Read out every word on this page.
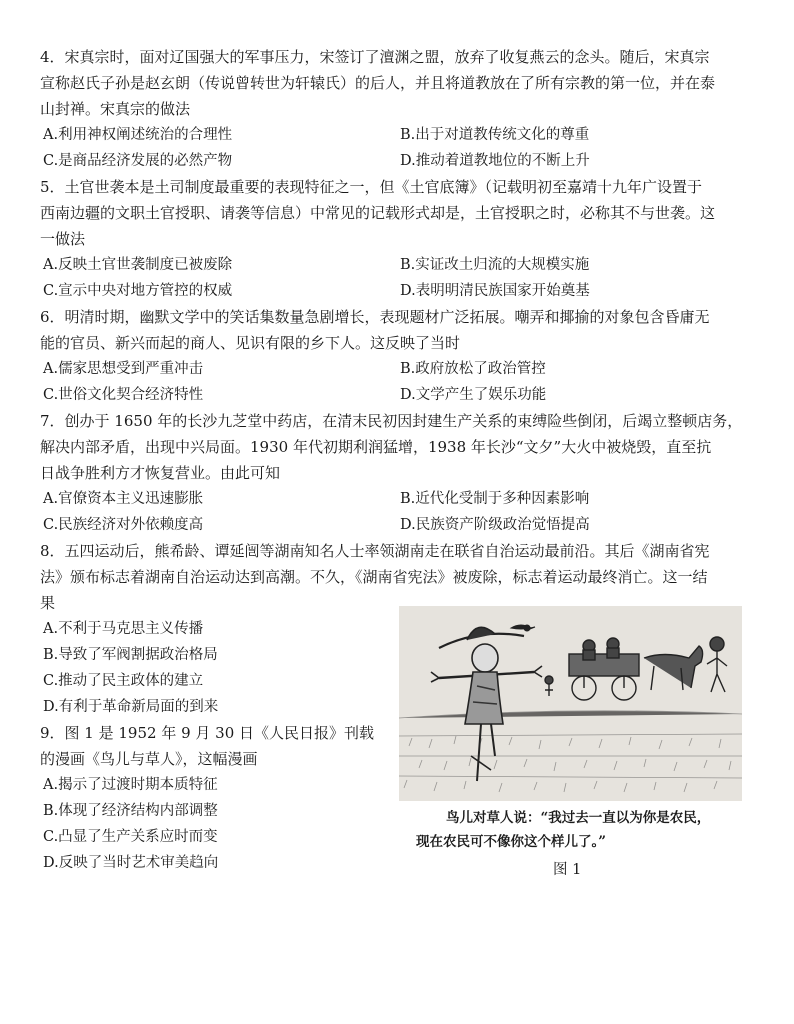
4．宋真宗时，面对辽国强大的军事压力，宋签订了澶渊之盟，放弃了收复燕云的念头。随后，宋真宗
宣称赵氏子孙是赵玄朗（传说曾转世为轩辕氏）的后人，并且将道教放在了所有宗教的第一位，并在泰
山封禅。宋真宗的做法
A.利用神权阐述统治的合理性	B.出于对道教传统文化的尊重
C.是商品经济发展的必然产物	D.推动着道教地位的不断上升
5．土官世袭本是土司制度最重要的表现特征之一，但《土官底簿》（记载明初至嘉靖十九年广设置于
西南边疆的文职土官授职、请袭等信息）中常见的记载形式却是，土官授职之时，必称其不与世袭。这
一做法
A.反映土官世袭制度已被废除	B.实证改土归流的大规模实施
C.宣示中央对地方管控的权威	D.表明明清民族国家开始奠基
6．明清时期，幽默文学中的笑话集数量急剧增长，表现题材广泛拓展。嘲弄和揶揄的对象包含昏庸无
能的官员、新兴而起的商人、见识有限的乡下人。这反映了当时
A.儒家思想受到严重冲击	B.政府放松了政治管控
C.世俗文化契合经济特性	D.文学产生了娱乐功能
7．创办于 1650 年的长沙九芝堂中药店，在清末民初因封建生产关系的束缚险些倒闭，后竭立整顿店务，
解决内部矛盾，出现中兴局面。1930 年代初期利润猛增，1938 年长沙“文夕”大火中被烧毁，直至抗
日战争胜利方才恢复营业。由此可知
A.官僚资本主义迅速膨胀	B.近代化受制于多种因素影响
C.民族经济对外依赖度高	D.民族资产阶级政治觉悟提高
8．五四运动后，熊希龄、谭延闿等湖南知名人士率领湖南走在联省自治运动最前沿。其后《湖南省宪
法》颁布标志着湖南自治运动达到高潮。不久，《湖南省宪法》被废除，标志着运动最终消亡。这一结
果
A.不利于马克思主义传播
B.导致了军阀割据政治格局
C.推动了民主政体的建立
D.有利于革命新局面的到来
9．图 1 是 1952 年 9 月 30 日《人民日报》刊载
的漫画《鸟儿与草人》，这幅漫画
A.揭示了过渡时期本质特征
B.体现了经济结构内部调整
C.凸显了生产关系应时而变
D.反映了当时艺术审美趋向
鸟儿对草人说：“我过去一直以为你是农民，
现在农民可不像你这个样儿了。”
图 1
